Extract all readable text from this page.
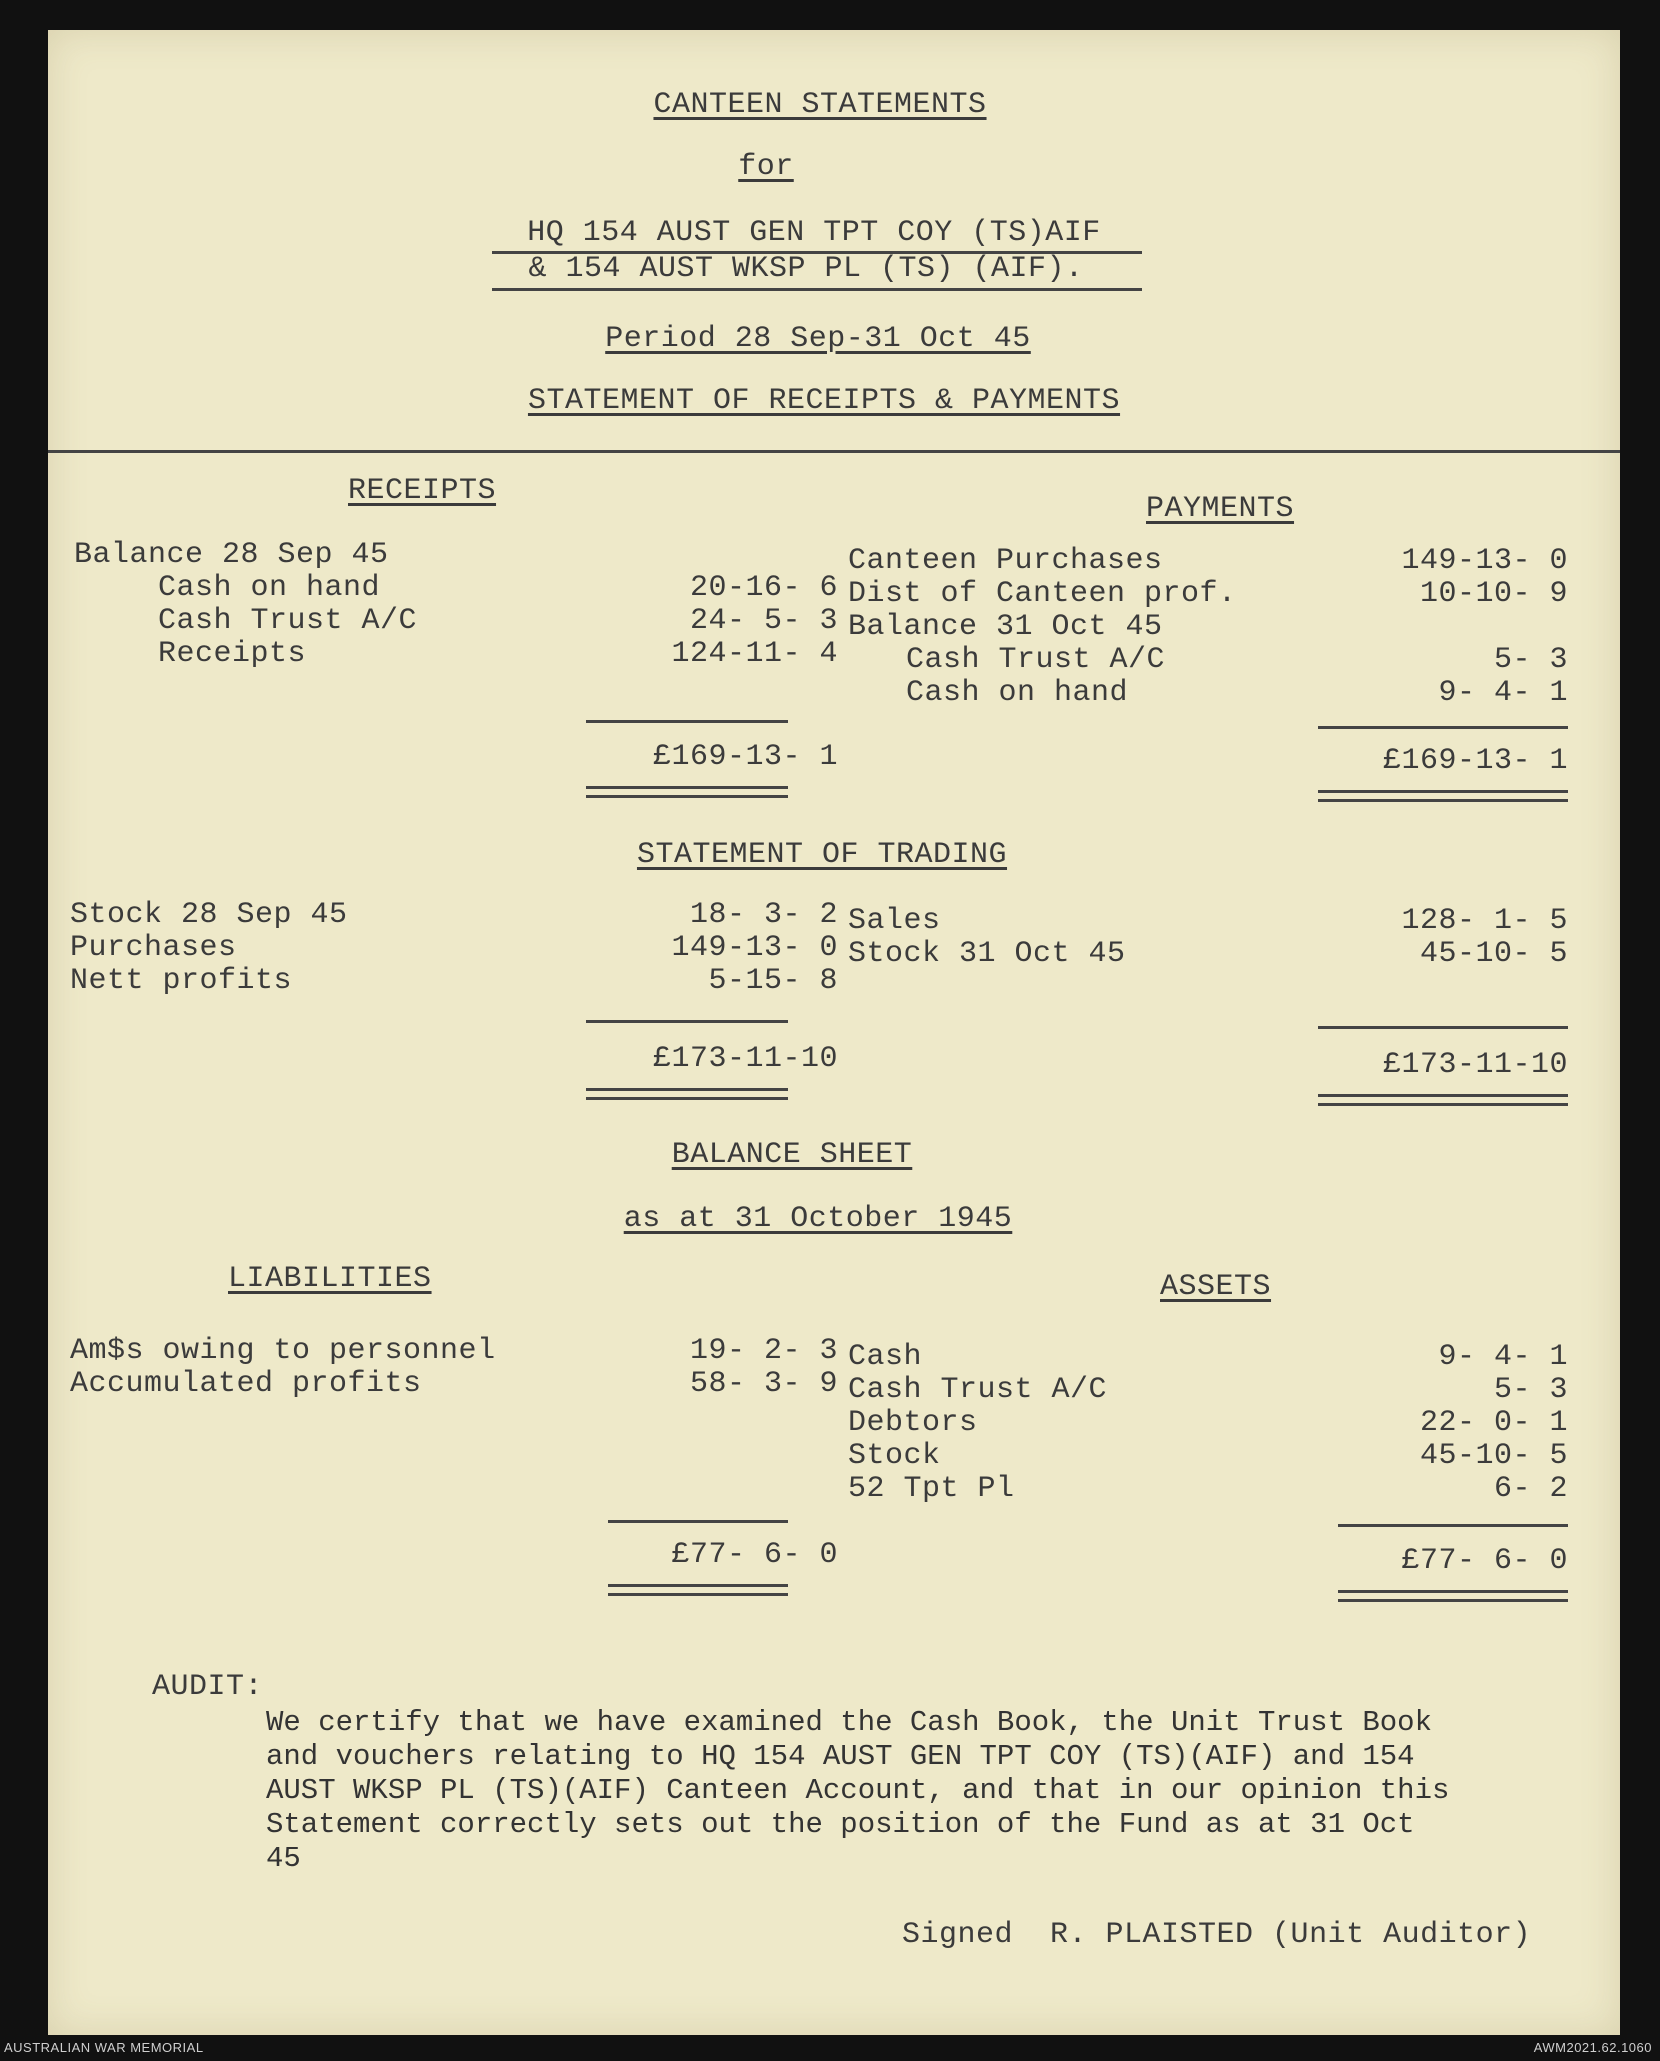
CANTEEN STATEMENTS
for
HQ 154 AUST GEN TPT COY (TS)AIF
& 154 AUST WKSP PL (TS) (AIF).
Period 28 Sep-31 Oct 45
STATEMENT OF RECEIPTS & PAYMENTS
RECEIPTS
PAYMENTS
Balance 28 Sep 45
Cash on hand
Cash Trust A/C
Receipts
20-16- 6
24- 5- 3
124-11- 4
£169-13- 1
Canteen Purchases
Dist of Canteen prof.
Balance 31 Oct 45
Cash Trust A/C
Cash on hand
149-13- 0
10-10- 9
5- 3
9- 4- 1
£169-13- 1
STATEMENT OF TRADING
Stock 28 Sep 45
Purchases
Nett profits
18- 3- 2
149-13- 0
5-15- 8
£173-11-10
Sales
Stock 31 Oct 45
128- 1- 5
45-10- 5
£173-11-10
BALANCE SHEET
as at 31 October 1945
LIABILITIES	ASSETS
Am$s owing to personnel
Accumulated profits
19- 2- 3
58- 3- 9
£77- 6- 0
Cash
Cash Trust A/C
Debtors
Stock
52 Tpt Pl
9- 4- 1
5- 3
22- 0- 1
45-10- 5
6- 2
£77- 6- 0
AUDIT:
We certify that we have examined the Cash Book, the Unit Trust Book
and vouchers relating to HQ 154 AUST GEN TPT COY (TS)(AIF) and 154
AUST WKSP PL (TS)(AIF) Canteen Account, and that in our opinion this
Statement correctly sets out the position of the Fund as at 31 Oct
45
Signed  R. PLAISTED (Unit Auditor)
AUSTRALIAN WAR MEMORIAL	AWM2021.62.1060
